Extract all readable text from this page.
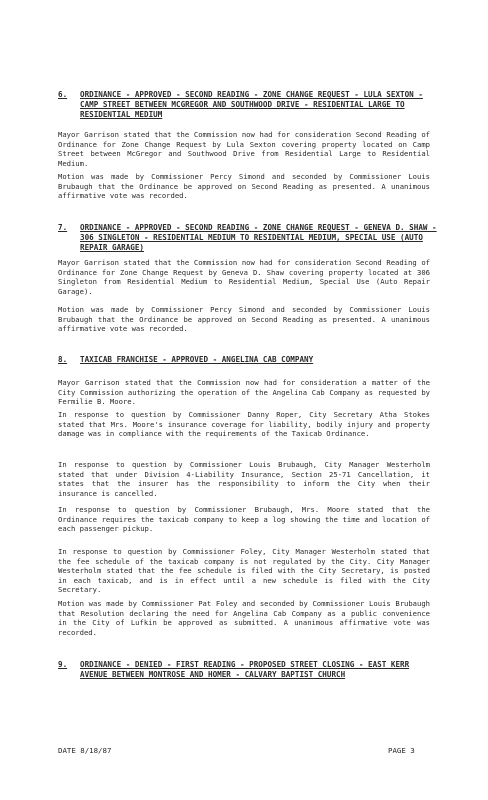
6. ORDINANCE - APPROVED - SECOND READING - ZONE CHANGE REQUEST - LULA SEXTON - CAMP STREET BETWEEN MCGREGOR AND SOUTHWOOD DRIVE - RESIDENTIAL LARGE TO RESIDENTIAL MEDIUM

Mayor Garrison stated that the Commission now had for consideration Second Reading of Ordinance for Zone Change Request by Lula Sexton covering property located on Camp Street between McGregor and Southwood Drive from Residential Large to Residential Medium.

Motion was made by Commissioner Percy Simond and seconded by Commissioner Louis Brubaugh that the Ordinance be approved on Second Reading as presented. A unanimous affirmative vote was recorded.

7. ORDINANCE - APPROVED - SECOND READING - ZONE CHANGE REQUEST - GENEVA D. SHAW - 306 SINGLETON - RESIDENTIAL MEDIUM TO RESIDENTIAL MEDIUM, SPECIAL USE (AUTO REPAIR GARAGE)

Mayor Garrison stated that the Commission now had for consideration Second Reading of Ordinance for Zone Change Request by Geneva D. Shaw covering property located at 306 Singleton from Residential Medium to Residential Medium, Special Use (Auto Repair Garage).

Motion was made by Commissioner Percy Simond and seconded by Commissioner Louis Brubaugh that the Ordinance be approved on Second Reading as presented. A unanimous affirmative vote was recorded.

8. TAXICAB FRANCHISE - APPROVED - ANGELINA CAB COMPANY

Mayor Garrison stated that the Commission now had for consideration a matter of the City Commission authorizing the operation of the Angelina Cab Company as requested by Fermilie B. Moore.

In response to question by Commissioner Danny Roper, City Secretary Atha Stokes stated that Mrs. Moore's insurance coverage for liability, bodily injury and property damage was in compliance with the requirements of the Taxicab Ordinance.

In response to question by Commissioner Louis Brubaugh, City Manager Westerholm stated that under Division 4-Liability Insurance, Section 25-71 Cancellation, it states that the insurer has the responsibility to inform the City when their insurance is cancelled.

In response to question by Commissioner Brubaugh, Mrs. Moore stated that the Ordinance requires the taxicab company to keep a log showing the time and location of each passenger pickup.

In response to question by Commissioner Foley, City Manager Westerholm stated that the fee schedule of the taxicab company is not regulated by the City. City Manager Westerholm stated that the fee schedule is filed with the City Secretary, is posted in each taxicab, and is in effect until a new schedule is filed with the City Secretary.

Motion was made by Commissioner Pat Foley and seconded by Commissioner Louis Brubaugh that Resolution declaring the need for Angelina Cab Company as a public convenience in the City of Lufkin be approved as submitted. A unanimous affirmative vote was recorded.

9. ORDINANCE - DENIED - FIRST READING - PROPOSED STREET CLOSING - EAST KERR AVENUE BETWEEN MONTROSE AND HOMER - CALVARY BAPTIST CHURCH
DATE 8/18/87	PAGE 3
